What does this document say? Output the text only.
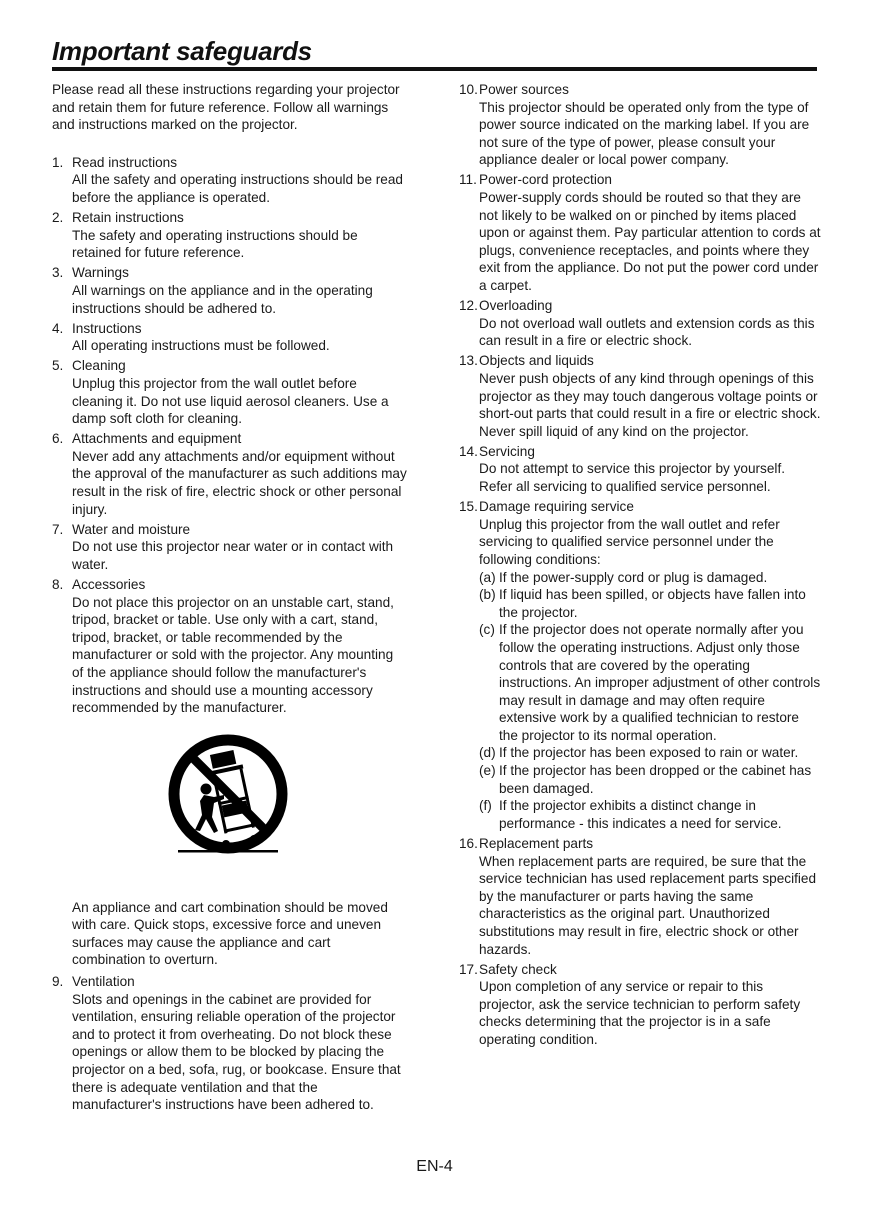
Important safeguards

Please read all these instructions regarding your projector and retain them for future reference. Follow all warnings and instructions marked on the projector.

1. Read instructions

All the safety and operating instructions should be read before the appliance is operated.

2. Retain instructions

The safety and operating instructions should be retained for future reference.

3. Warnings

All warnings on the appliance and in the operating instructions should be adhered to.

4. Instructions

All operating instructions must be followed.

5. Cleaning

Unplug this projector from the wall outlet before cleaning it. Do not use liquid aerosol cleaners. Use a damp soft cloth for cleaning.

6. Attachments and equipment

Never add any attachments and/or equipment without the approval of the manufacturer as such additions may result in the risk of fire, electric shock or other personal injury.

7. Water and moisture

Do not use this projector near water or in contact with water.

8. Accessories

Do not place this projector on an unstable cart, stand, tripod, bracket or table. Use only with a cart, stand, tripod, bracket, or table recommended by the manufacturer or sold with the projector. Any mounting of the appliance should follow the manufacturer's instructions and should use a mounting accessory recommended by the manufacturer.

An appliance and cart combination should be moved with care. Quick stops, excessive force and uneven surfaces may cause the appliance and cart combination to overturn.

9. Ventilation

Slots and openings in the cabinet are provided for ventilation, ensuring reliable operation of the projector and to protect it from overheating. Do not block these openings or allow them to be blocked by placing the projector on a bed, sofa, rug, or bookcase. Ensure that there is adequate ventilation and that the manufacturer's instructions have been adhered to.

10. Power sources

This projector should be operated only from the type of power source indicated on the marking label. If you are not sure of the type of power, please consult your appliance dealer or local power company.

11. Power-cord protection

Power-supply cords should be routed so that they are not likely to be walked on or pinched by items placed upon or against them. Pay particular attention to cords at plugs, convenience receptacles, and points where they exit from the appliance. Do not put the power cord under a carpet.

12. Overloading

Do not overload wall outlets and extension cords as this can result in a fire or electric shock.

13. Objects and liquids

Never push objects of any kind through openings of this projector as they may touch dangerous voltage points or short-out parts that could result in a fire or electric shock. Never spill liquid of any kind on the projector.

14. Servicing

Do not attempt to service this projector by yourself. Refer all servicing to qualified service personnel.

15. Damage requiring service

Unplug this projector from the wall outlet and refer servicing to qualified service personnel under the following conditions:

(a) If the power-supply cord or plug is damaged.

(b) If liquid has been spilled, or objects have fallen into the projector.

(c) If the projector does not operate normally after you follow the operating instructions. Adjust only those controls that are covered by the operating instructions. An improper adjustment of other controls may result in damage and may often require extensive work by a qualified technician to restore the projector to its normal operation.

(d) If the projector has been exposed to rain or water.

(e) If the projector has been dropped or the cabinet has been damaged.

(f) If the projector exhibits a distinct change in performance - this indicates a need for service.

16. Replacement parts

When replacement parts are required, be sure that the service technician has used replacement parts specified by the manufacturer or parts having the same characteristics as the original part. Unauthorized substitutions may result in fire, electric shock or other hazards.

17. Safety check

Upon completion of any service or repair to this projector, ask the service technician to perform safety checks determining that the projector is in a safe operating condition.

EN-4
